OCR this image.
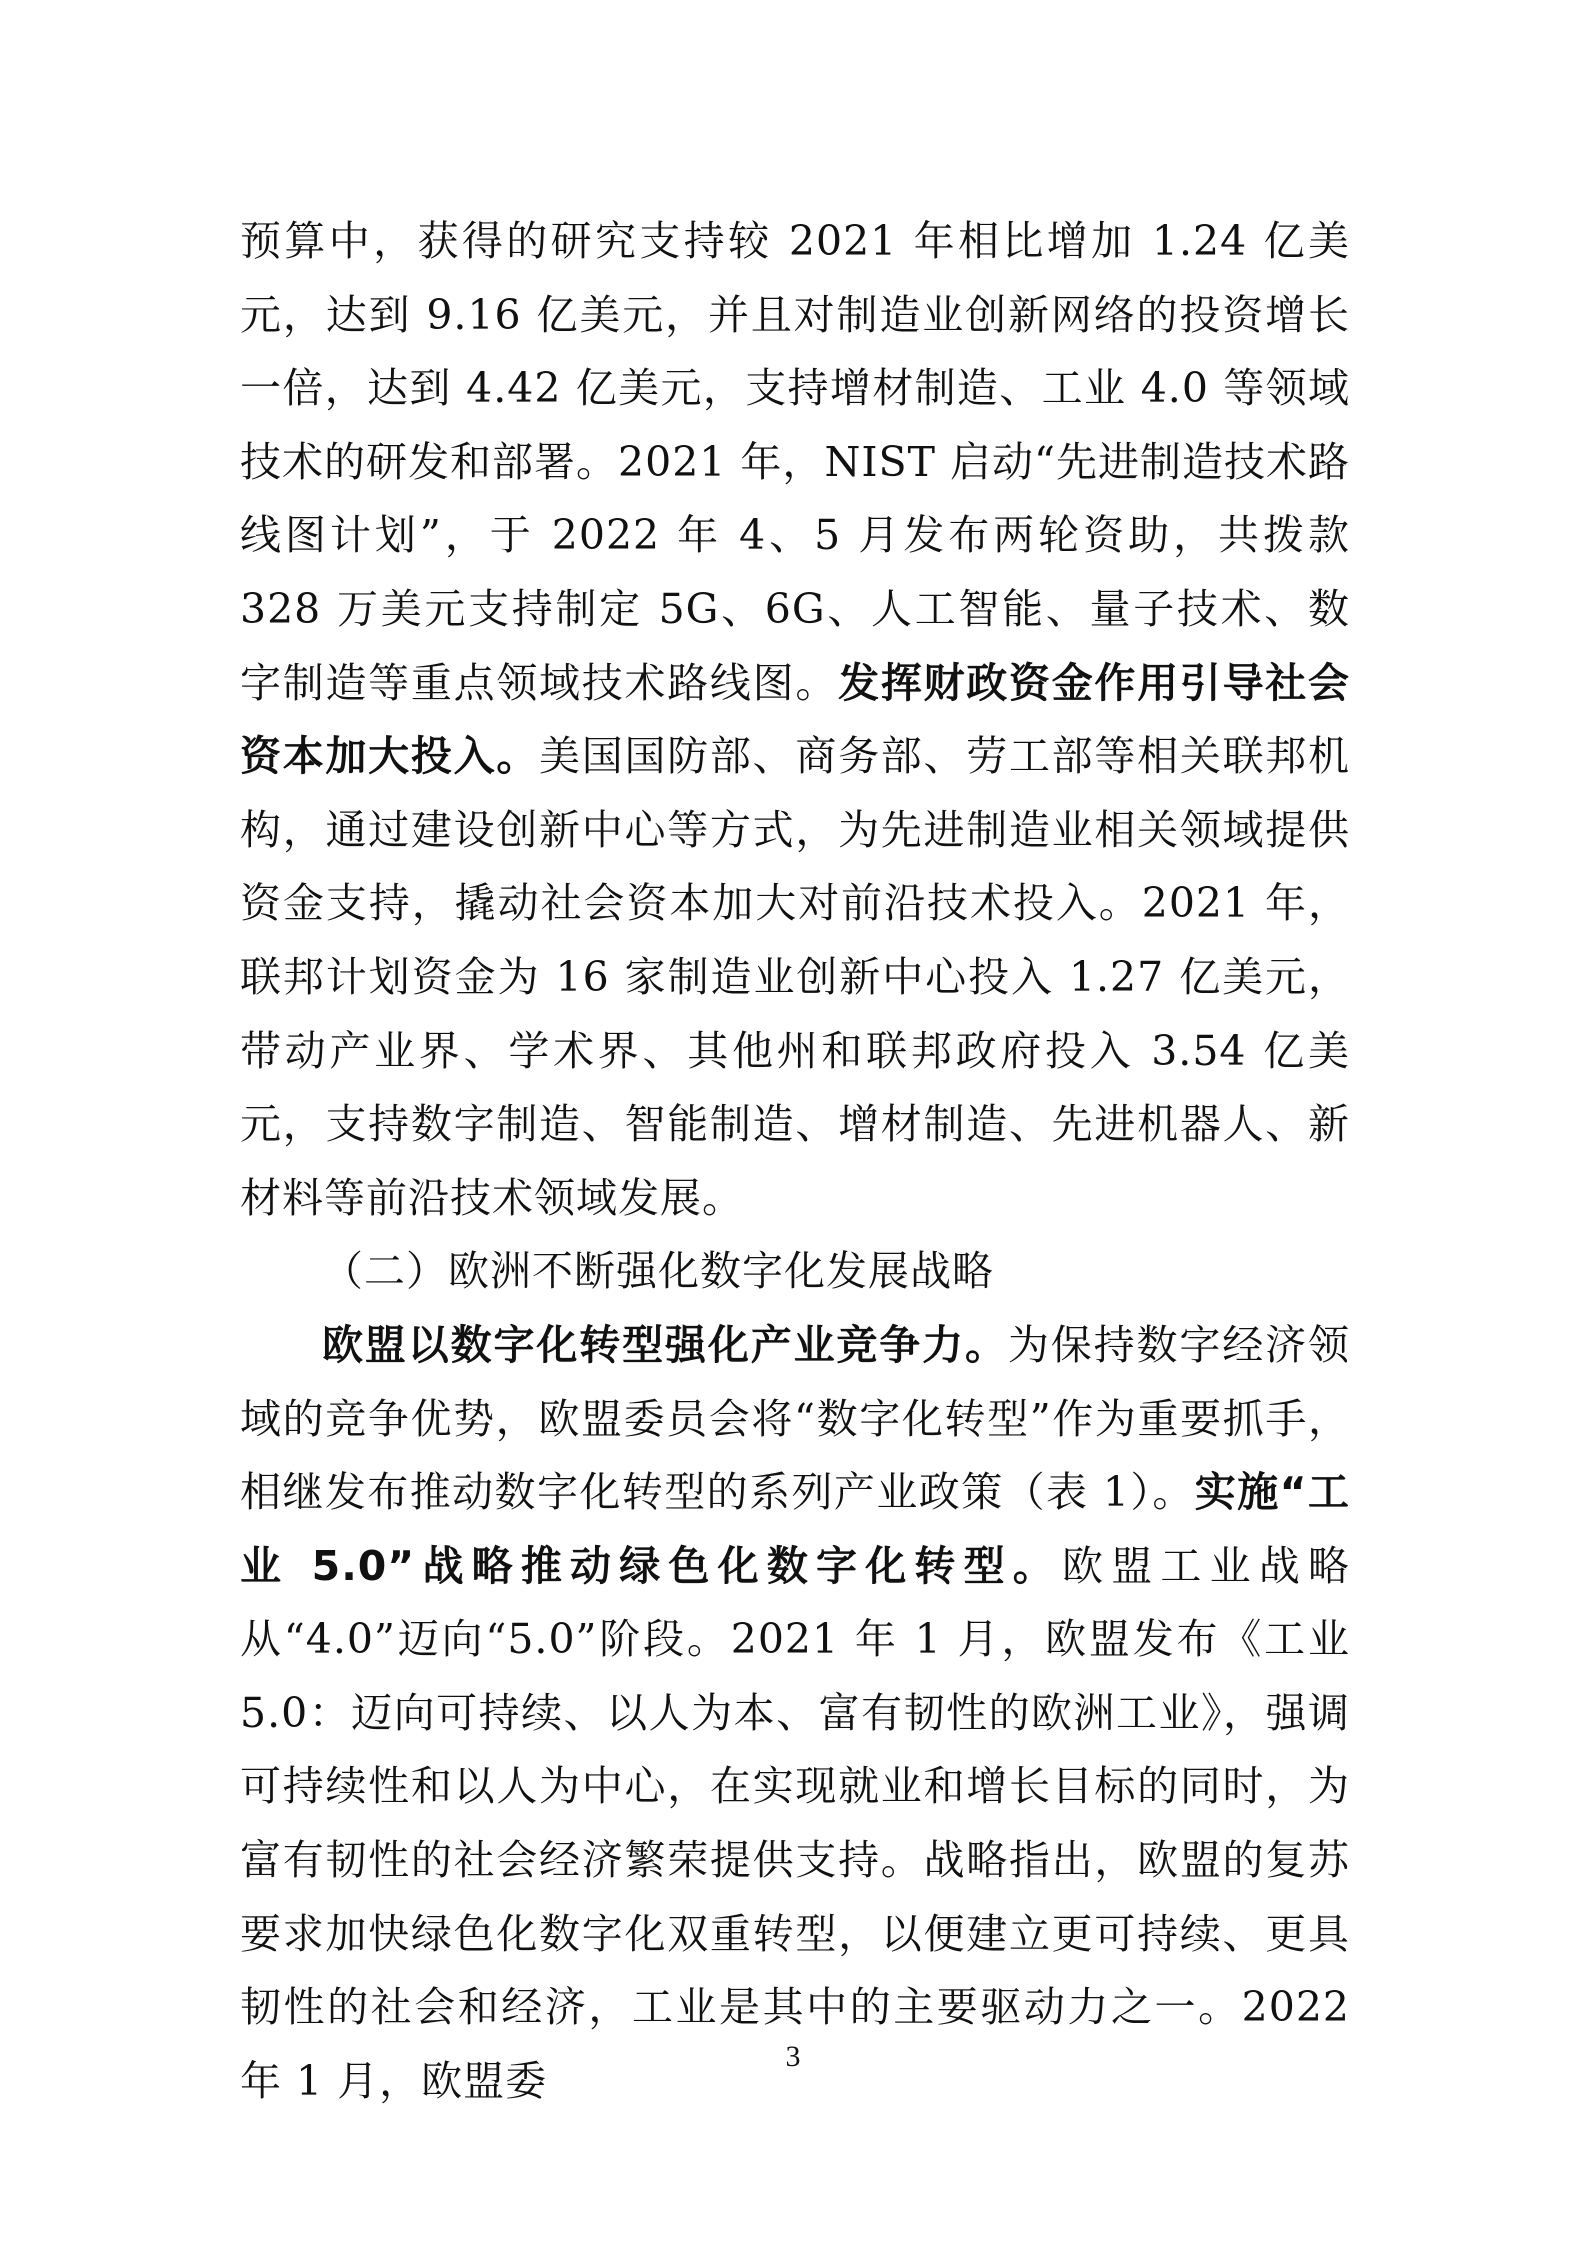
预算中，获得的研究支持较 2021 年相比增加 1.24 亿美元，达到 9.16 亿美元，并且对制造业创新网络的投资增长一倍，达到 4.42 亿美元，支持增材制造、工业 4.0 等领域技术的研发和部署。2021 年，NIST 启动“先进制造技术路线图计划”，于 2022 年 4、5 月发布两轮资助，共拨款 328 万美元支持制定 5G、6G、人工智能、量子技术、数字制造等重点领域技术路线图。发挥财政资金作用引导社会资本加大投入。美国国防部、商务部、劳工部等相关联邦机构，通过建设创新中心等方式，为先进制造业相关领域提供资金支持，撬动社会资本加大对前沿技术投入。2021 年，联邦计划资金为 16 家制造业创新中心投入 1.27 亿美元，带动产业界、学术界、其他州和联邦政府投入 3.54 亿美元，支持数字制造、智能制造、增材制造、先进机器人、新材料等前沿技术领域发展。

（二）欧洲不断强化数字化发展战略

欧盟以数字化转型强化产业竞争力。为保持数字经济领域的竞争优势，欧盟委员会将“数字化转型”作为重要抓手，相继发布推动数字化转型的系列产业政策（表 1）。实施“工业 5.0”战略推动绿色化数字化转型。欧盟工业战略从“4.0”迈向“5.0”阶段。2021 年 1 月，欧盟发布《工业 5.0：迈向可持续、以人为本、富有韧性的欧洲工业》，强调可持续性和以人为中心，在实现就业和增长目标的同时，为富有韧性的社会经济繁荣提供支持。战略指出，欧盟的复苏要求加快绿色化数字化双重转型，以便建立更可持续、更具韧性的社会和经济，工业是其中的主要驱动力之一。2022 年 1 月，欧盟委

3
